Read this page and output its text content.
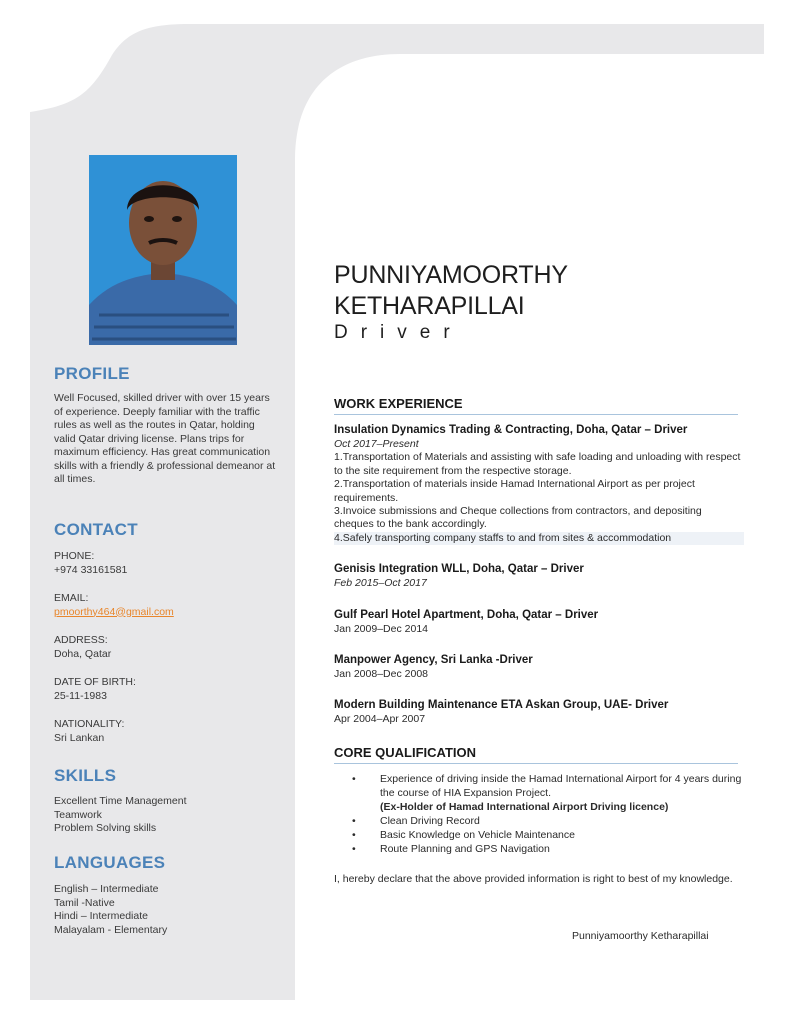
PROFILE
Well Focused, skilled driver with over 15 years of experience. Deeply familiar with the traffic rules as well as the routes in Qatar, holding valid Qatar driving license. Plans trips for maximum efficiency. Has great communication skills with a friendly & professional demeanor at all times.
CONTACT
PHONE:
+974 33161581
EMAIL:
pmoorthy464@gmail.com
ADDRESS:
Doha, Qatar
DATE OF BIRTH:
25-11-1983
NATIONALITY:
Sri Lankan
SKILLS
Excellent Time Management
Teamwork
Problem Solving skills
LANGUAGES
English – Intermediate
Tamil -Native
Hindi – Intermediate
Malayalam - Elementary
PUNNIYAMOORTHY
KETHARAPILLAI
Driver
WORK EXPERIENCE
Insulation Dynamics Trading & Contracting, Doha, Qatar – Driver
Oct 2017–Present
1.Transportation of Materials and assisting with safe loading and unloading with respect to the site requirement from the respective storage.
2.Transportation of materials inside Hamad International Airport as per project requirements.
3.Invoice submissions and Cheque collections from contractors, and depositing cheques to the bank accordingly.
4.Safely transporting company staffs to and from sites & accommodation
Genisis Integration WLL, Doha, Qatar – Driver
Feb 2015–Oct 2017
Gulf Pearl Hotel Apartment, Doha, Qatar – Driver
Jan 2009–Dec 2014
Manpower Agency, Sri Lanka -Driver
Jan 2008–Dec 2008
Modern Building Maintenance ETA Askan Group, UAE- Driver
Apr 2004–Apr 2007
CORE QUALIFICATION
• Experience of driving inside the Hamad International Airport for 4 years during the course of HIA Expansion Project.
(Ex-Holder of Hamad International Airport Driving licence)
• Clean Driving Record
• Basic Knowledge on Vehicle Maintenance
• Route Planning and GPS Navigation
I, hereby declare that the above provided information is right to best of my knowledge.
Punniyamoorthy Ketharapillai
